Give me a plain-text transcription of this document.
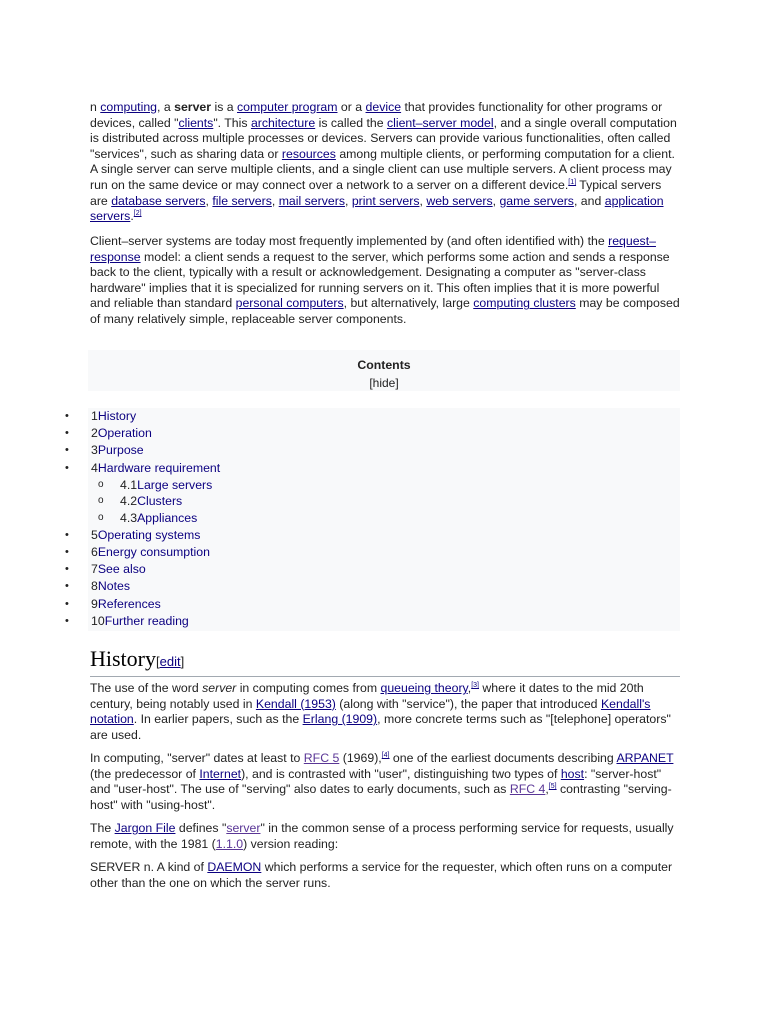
n computing, a server is a computer program or a device that provides functionality for other programs or devices, called "clients". This architecture is called the client–server model, and a single overall computation is distributed across multiple processes or devices. Servers can provide various functionalities, often called "services", such as sharing data or resources among multiple clients, or performing computation for a client. A single server can serve multiple clients, and a single client can use multiple servers. A client process may run on the same device or may connect over a network to a server on a different device.[1] Typical servers are database servers, file servers, mail servers, print servers, web servers, game servers, and application servers.[2]

Client–server systems are today most frequently implemented by (and often identified with) the request–response model: a client sends a request to the server, which performs some action and sends a response back to the client, typically with a result or acknowledgement. Designating a computer as "server-class hardware" implies that it is specialized for running servers on it. This often implies that it is more powerful and reliable than standard personal computers, but alternatively, large computing clusters may be composed of many relatively simple, replaceable server components.

Contents
[hide]
•	1History
•	2Operation
•	3Purpose
•	4Hardware requirement
o 4.1Large servers
o 4.2Clusters
o 4.3Appliances
•	5Operating systems
•	6Energy consumption
•	7See also
•	8Notes
•	9References
•	10Further reading
History[edit]

The use of the word server in computing comes from queueing theory,[3] where it dates to the mid 20th century, being notably used in Kendall (1953) (along with "service"), the paper that introduced Kendall's notation. In earlier papers, such as the Erlang (1909), more concrete terms such as "[telephone] operators" are used.

In computing, "server" dates at least to RFC 5 (1969),[4] one of the earliest documents describing ARPANET (the predecessor of Internet), and is contrasted with "user", distinguishing two types of host: "server-host" and "user-host". The use of "serving" also dates to early documents, such as RFC 4,[5] contrasting "serving-host" with "using-host".

The Jargon File defines "server" in the common sense of a process performing service for requests, usually remote, with the 1981 (1.1.0) version reading:

SERVER n. A kind of DAEMON which performs a service for the requester, which often runs on a computer other than the one on which the server runs.
